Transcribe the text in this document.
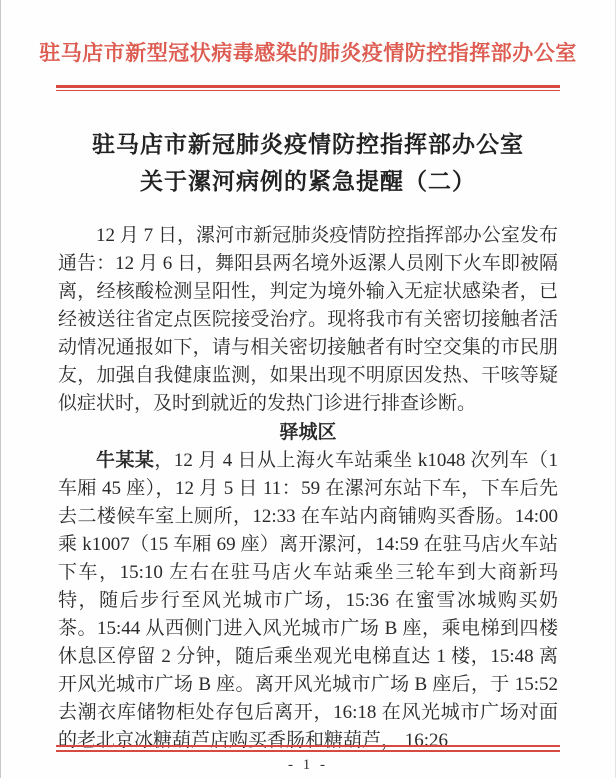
驻马店市新型冠状病毒感染的肺炎疫情防控指挥部办公室
驻马店市新冠肺炎疫情防控指挥部办公室
关于漯河病例的紧急提醒（二）

12 月 7 日，漯河市新冠肺炎疫情防控指挥部办公室发布通告：12 月 6 日，舞阳县两名境外返漯人员刚下火车即被隔离，经核酸检测呈阳性，判定为境外输入无症状感染者，已经被送往省定点医院接受治疗。现将我市有关密切接触者活动情况通报如下，请与相关密切接触者有时空交集的市民朋友，加强自我健康监测，如果出现不明原因发热、干咳等疑似症状时，及时到就近的发热门诊进行排查诊断。

驿城区

牛某某，12 月 4 日从上海火车站乘坐 k1048 次列车（1 车厢 45 座），12 月 5 日 11：59 在漯河东站下车，下车后先去二楼候车室上厕所，12:33 在车站内商铺购买香肠。14:00 乘 k1007（15 车厢 69 座）离开漯河，14:59 在驻马店火车站下车，15:10 左右在驻马店火车站乘坐三轮车到大商新玛特，随后步行至风光城市广场，15:36 在蜜雪冰城购买奶茶。15:44 从西侧门进入风光城市广场 B 座，乘电梯到四楼休息区停留 2 分钟，随后乘坐观光电梯直达 1 楼，15:48 离开风光城市广场 B 座。离开风光城市广场 B 座后，于 15:52 去潮衣库储物柜处存包后离开，16:18 在风光城市广场对面的老北京冰糖葫芦店购买香肠和糖葫芦， 16:26

- 1 -
